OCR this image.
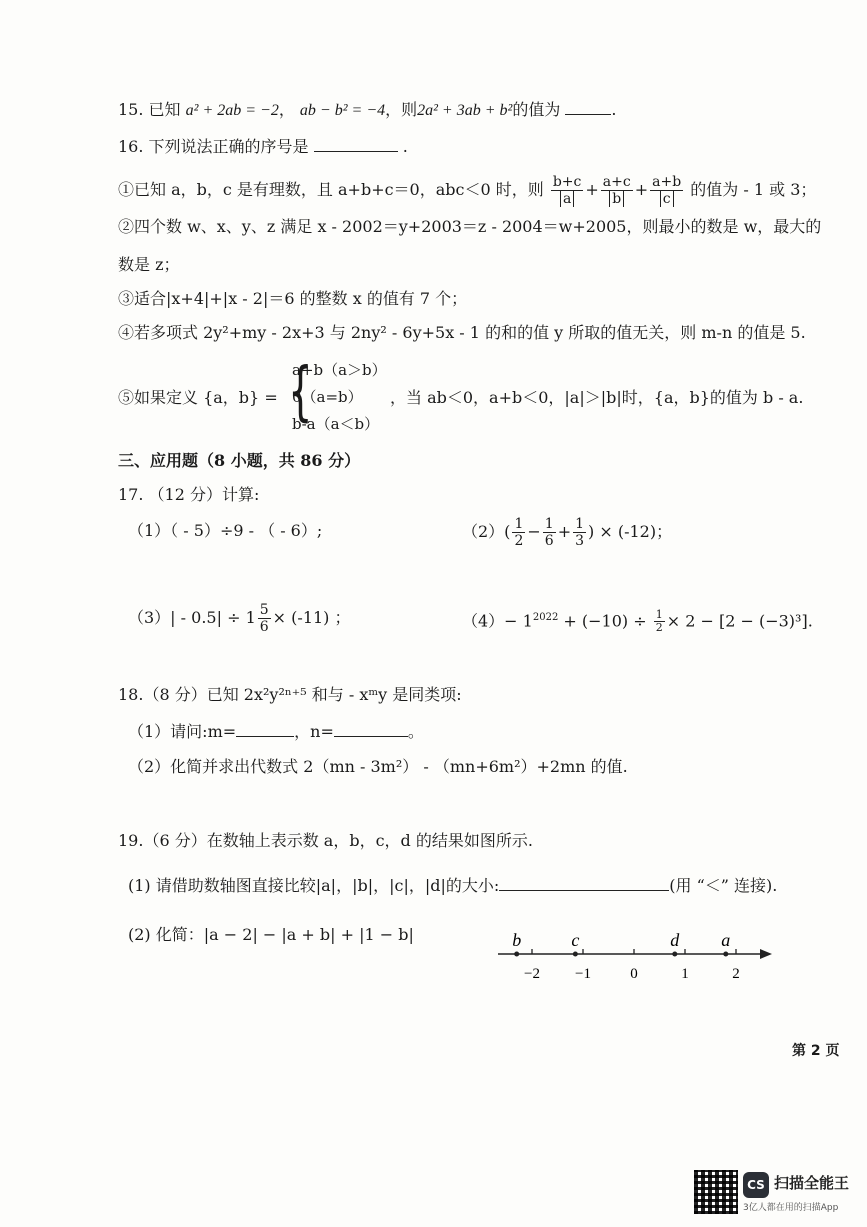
15. 已知 a² + 2ab = −2， ab − b² = −4，则2a² + 3ab + b²的值为	.
16. 下列说法正确的序号是	.
①已知 a，b，c 是有理数，且 a+b+c＝0，abc＜0 时，则 $\frac{b+c}{a} + \frac{a+c}{b} + \frac{a+b}{c}$ 的值为 - 1 或 3；
②四个数 w、x、y、z 满足 x - 2002＝y+2003＝z - 2004＝w+2005，则最小的数是 w，最大的
数是 z；
③适合|x+4|+|x - 2|＝6 的整数 x 的值有 7 个；
④若多项式 2y²+my - 2x+3 与 2ny² - 6y+5x - 1 的和的值 y 所取的值无关，则 m-n 的值是 5.
⑤如果定义 {a，b} = {
a+b（a＞b）
0（a=b）
b-a（a＜b）
，当 ab＜0，a+b＜0，|a|＞|b|时，{a，b}的值为 b - a.
三、应用题（8 小题，共 86 分）
17. （12 分）计算:
（1）（ - 5）÷9 - （ - 6）;	$(2)( \frac{1}{2} - \frac{1}{6} + \frac{1}{3}$ ) × (-12)；
$(3)| - 0.5| \div 1 \frac{5}{6} \times (-11)$ ；	$(4)- 1^{2022} + (-10) \div \frac{1}{2} \times 2 - [2 - (-3)^3]$.
18.（8 分）已知 2x²y²ⁿ⁺⁵ 和与 - xᵐy 是同类项:
（1）请问:m=	，n=	。
（2）化简并求出代数式 2（mn - 3m²） - （mn+6m²）+2mn 的值.
19.（6 分）在数轴上表示数 a，b，c，d 的结果如图所示.
(1) 请借助数轴图直接比较|a|，|b|，|c|，|d|的大小:	(用 “＜” 连接).
(2) 化简：|a − 2| − |a + b| + |1 − b|
−2 −1	0	1	2
b	c	d a
第 2 页
CS 扫描全能王
3亿人都在用的扫描App
